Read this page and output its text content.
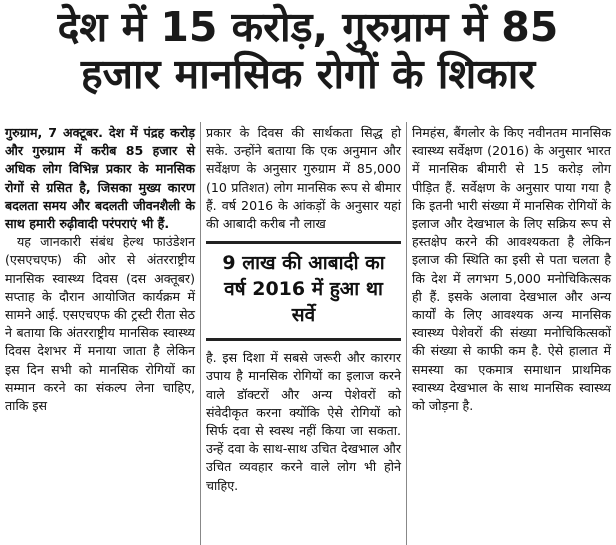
देश में 15 करोड़, गुरुग्राम में 85
हजार मानसिक रोगों के शिकार

गुरुग्राम, 7 अक्टूबर. देश में पंद्रह करोड़ और गुरुग्राम में करीब 85 हजार से अधिक लोग विभिन्न प्रकार के मानसिक रोगों से ग्रसित है, जिसका मुख्य कारण बदलता समय और बदलती जीवनशैली के साथ हमारी रुढ़ीवादी परंपराएं भी हैं.

यह जानकारी संबंध हेल्थ फाउंडेशन (एसएचएफ) की ओर से अंतरराष्ट्रीय मानसिक स्वास्थ्य दिवस (दस अक्तूबर) सप्ताह के दौरान आयोजित कार्यक्रम में सामने आई. एसएचएफ की ट्रस्टी रीता सेठ ने बताया कि अंतरराष्ट्रीय मानसिक स्वास्थ्य दिवस देशभर में मनाया जाता है लेकिन इस दिन सभी को मानसिक रोगियों का सम्मान करने का संकल्प लेना चाहिए, ताकि इस

प्रकार के दिवस की सार्थकता सिद्ध हो सके. उन्होंने बताया कि एक अनुमान और सर्वेक्षण के अनुसार गुरुग्राम में 85,000 (10 प्रतिशत) लोग मानसिक रूप से बीमार हैं. वर्ष 2016 के आंकड़ों के अनुसार यहां की आबादी करीब नौ लाख

9 लाख की आबादी का वर्ष 2016 में हुआ था सर्वे

है. इस दिशा में सबसे जरूरी और कारगर उपाय है मानसिक रोगियों का इलाज करने वाले डॉक्टरों और अन्य पेशेवरों को संवेदीकृत करना क्योंकि ऐसे रोगियों को सिर्फ दवा से स्वस्थ नहीं किया जा सकता. उन्हें दवा के साथ-साथ उचित देखभाल और उचित व्यवहार करने वाले लोग भी होने चाहिए.

निमहंस, बैंगलोर के किए नवीनतम मानसिक स्वास्थ्य सर्वेक्षण (2016) के अनुसार भारत में मानसिक बीमारी से 15 करोड़ लोग पीड़ित हैं. सर्वेक्षण के अनुसार पाया गया है कि इतनी भारी संख्या में मानसिक रोगियों के इलाज और देखभाल के लिए सक्रिय रूप से हस्तक्षेप करने की आवश्यकता है लेकिन इलाज की स्थिति का इसी से पता चलता है कि देश में लगभग 5,000 मनोचिकित्सक ही हैं. इसके अलावा देखभाल और अन्य कार्यों के लिए आवश्यक अन्य मानसिक स्वास्थ्य पेशेवरों की संख्या मनोचिकित्सकों की संख्या से काफी कम है. ऐसे हालात में समस्या का एकमात्र समाधान प्राथमिक स्वास्थ्य देखभाल के साथ मानसिक स्वास्थ्य को जोड़ना है.
